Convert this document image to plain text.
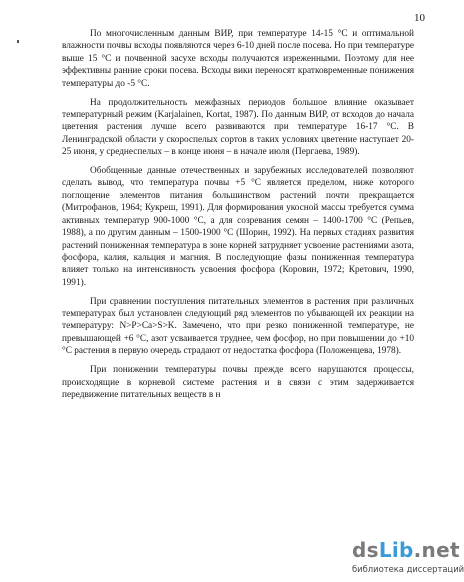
10

По многочисленным данным ВИР, при температуре 14-15 °С и оптимальной влажности почвы всходы появляются через 6-10 дней после посева. Но при температуре выше 15 °С и почвенной засухе всходы получаются изреженными. Поэтому для нее эффективны ранние сроки посева. Всходы вики переносят кратковременные понижения температуры до -5 °С.

На продолжительность межфазных периодов большое влияние оказывает температурный режим (Karjalainen, Kortat, 1987). По данным ВИР, от всходов до начала цветения растения лучше всего развиваются при температуре 16-17 °С. В Ленинградской области у скороспелых сортов в таких условиях цветение наступает 20-25 июня, у среднеспелых – в конце июня – в начале июля (Пергаева, 1989).

Обобщенные данные отечественных и зарубежных исследователей позволяют сделать вывод, что температура почвы +5 °С является пределом, ниже которого поглощение элементов питания большинством растений почти прекращается (Митрофанов, 1964; Кукреш, 1991). Для формирования укосной массы требуется сумма активных температур 900-1000 °С, а для созревания семян – 1400-1700 °С (Репьев, 1988), а по другим данным – 1500-1900 °С (Шорин, 1992). На первых стадиях развития растений пониженная температура в зоне корней затрудняет усвоение растениями азота, фосфора, калия, кальция и магния. В последующие фазы пониженная температура влияет только на интенсивность усвоения фосфора (Коровин, 1972; Кретович, 1990, 1991).

При сравнении поступления питательных элементов в растения при различных температурах был установлен следующий ряд элементов по убывающей их реакции на температуру: N>P>Ca>S>K. Замечено, что при резко пониженной температуре, не превышающей +6 °С, азот усваивается труднее, чем фосфор, но при повышении до +10 °С растения в первую очередь страдают от недостатка фосфора (Положенцева, 1978).

При понижении температуры почвы прежде всего нарушаются процессы, происходящие в корневой системе растения и в связи с этим задерживается передвижение питательных веществ в н

dsLib.net
библиотека диссертаций
